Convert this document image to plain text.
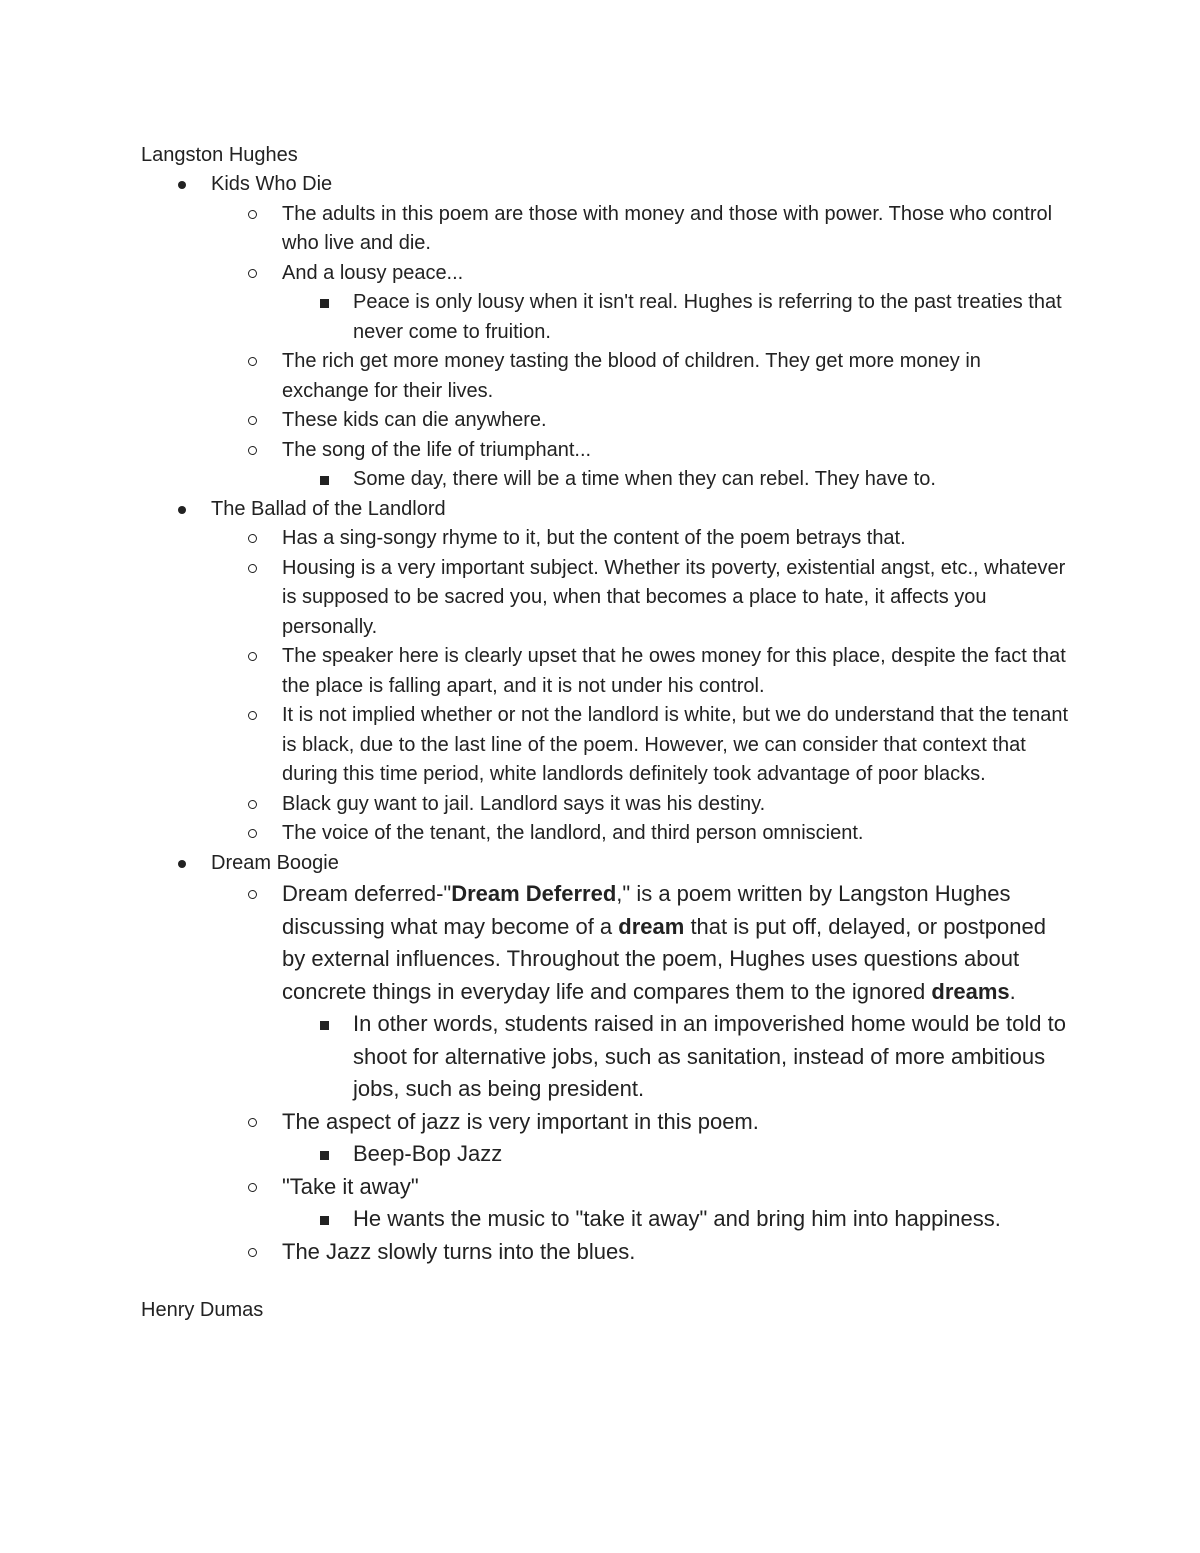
Langston Hughes
Kids Who Die
The adults in this poem are those with money and those with power. Those who control who live and die.
And a lousy peace...
Peace is only lousy when it isn't real. Hughes is referring to the past treaties that never come to fruition.
The rich get more money tasting the blood of children. They get more money in exchange for their lives.
These kids can die anywhere.
The song of the life of triumphant...
Some day, there will be a time when they can rebel. They have to.
The Ballad of the Landlord
Has a sing-songy rhyme to it, but the content of the poem betrays that.
Housing is a very important subject. Whether its poverty, existential angst, etc., whatever is supposed to be sacred you, when that becomes a place to hate, it affects you personally.
The speaker here is clearly upset that he owes money for this place, despite the fact that the place is falling apart, and it is not under his control.
It is not implied whether or not the landlord is white, but we do understand that the tenant is black, due to the last line of the poem. However, we can consider that context that during this time period, white landlords definitely took advantage of poor blacks.
Black guy want to jail. Landlord says it was his destiny.
The voice of the tenant, the landlord, and third person omniscient.
Dream Boogie
Dream deferred-"Dream Deferred," is a poem written by Langston Hughes discussing what may become of a dream that is put off, delayed, or postponed by external influences. Throughout the poem, Hughes uses questions about concrete things in everyday life and compares them to the ignored dreams.
In other words, students raised in an impoverished home would be told to shoot for alternative jobs, such as sanitation, instead of more ambitious jobs, such as being president.
The aspect of jazz is very important in this poem.
Beep-Bop Jazz
"Take it away"
He wants the music to "take it away" and bring him into happiness.
The Jazz slowly turns into the blues.
Henry Dumas
